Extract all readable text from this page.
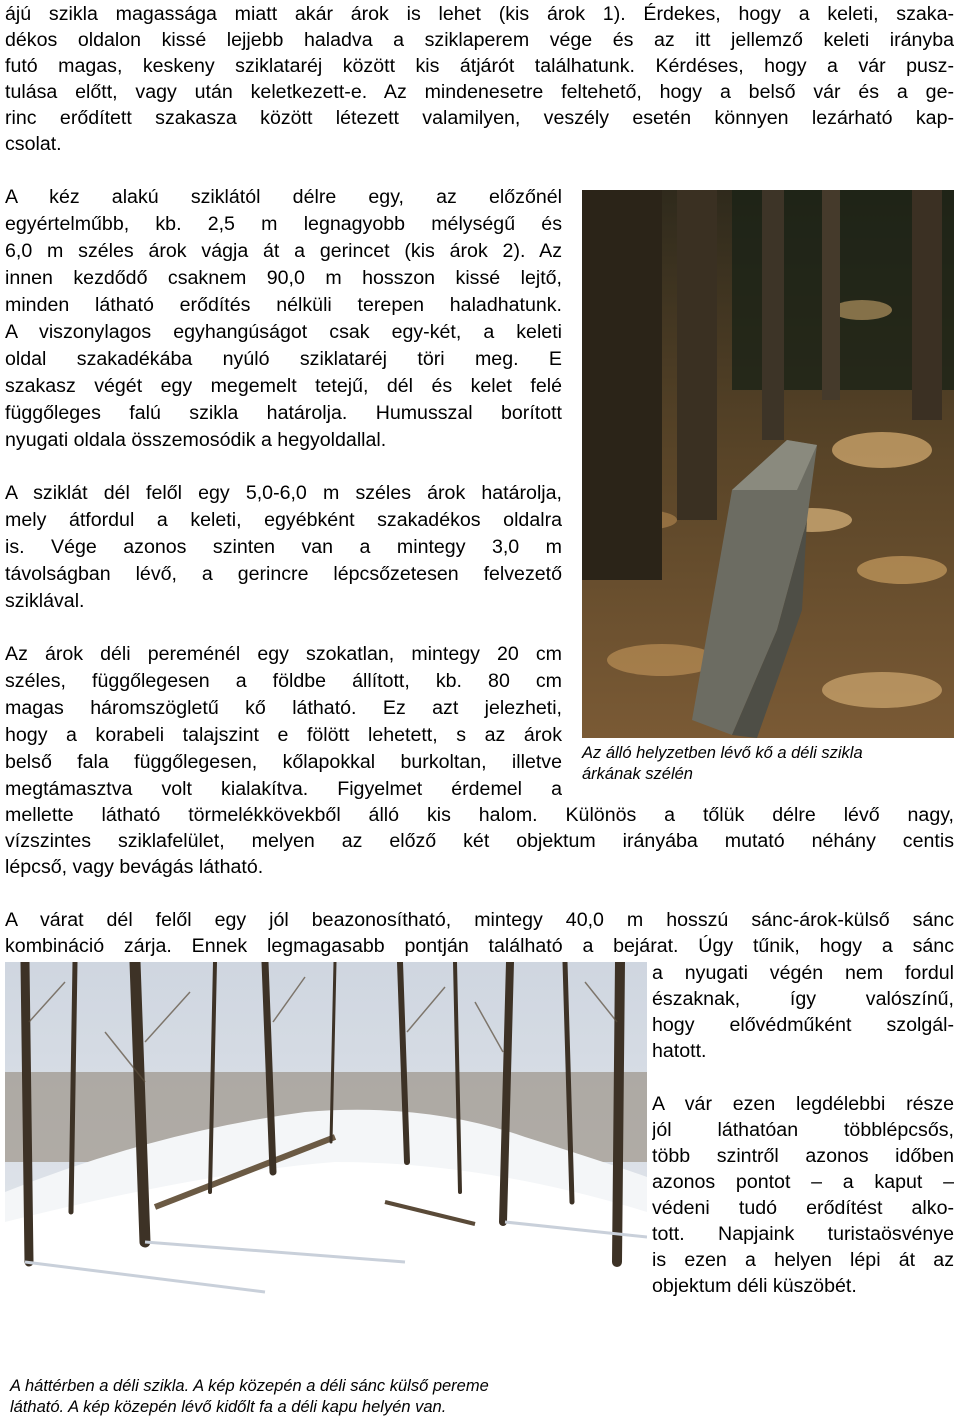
ájú szikla magassága miatt akár árok is lehet (kis árok 1). Érdekes, hogy a keleti, szaka-
dékos oldalon kissé lejjebb haladva a sziklaperem vége és az itt jellemző keleti irányba
futó magas, keskeny sziklataréj között kis átjárót találhatunk. Kérdéses, hogy a vár pusz-
tulása előtt, vagy után keletkezett-e. Az mindenesetre feltehető, hogy a belső vár és a ge-
rinc erődített szakasza között létezett valamilyen, veszély esetén könnyen lezárható kap-
csolat.
A kéz alakú sziklától délre egy, az előzőnél
egyértelműbb, kb. 2,5 m legnagyobb mélységű és
6,0 m széles árok vágja át a gerincet (kis árok 2). Az
innen kezdődő csaknem 90,0 m hosszon kissé lejtő,
minden látható erődítés nélküli terepen haladhatunk.
A viszonylagos egyhangúságot csak egy-két, a keleti
oldal szakadékába nyúló sziklataréj töri meg. E
szakasz végét egy megemelt tetejű, dél és kelet felé
függőleges falú szikla határolja. Humusszal borított
nyugati oldala összemosódik a hegyoldallal.
A sziklát dél felől egy 5,0-6,0 m széles árok határolja,
mely átfordul a keleti, egyébként szakadékos oldalra
is. Vége azonos szinten van a mintegy 3,0 m
távolságban lévő, a gerincre lépcsőzetesen felvezető
sziklával.
Az árok déli pereménél egy szokatlan, mintegy 20 cm
széles, függőlegesen a földbe állított, kb. 80 cm
magas háromszögletű kő látható. Ez azt jelezheti,
hogy a korabeli talajszint e fölött lehetett, s az árok
belső fala függőlegesen, kőlapokkal burkoltan, illetve
megtámasztva volt kialakítva. Figyelmet érdemel a
mellette látható törmelékkövekből álló kis halom. Különös a tőlük délre lévő nagy,
vízszintes sziklafelület, melyen az előző két objektum irányába mutató néhány centis
lépcső, vagy bevágás látható.
A várat dél felől egy jól beazonosítható, mintegy 40,0 m hosszú sánc-árok-külső sánc
kombináció zárja. Ennek legmagasabb pontján található a bejárat. Úgy tűnik, hogy a sánc
a nyugati végén nem fordul
északnak, így valószínű,
hogy elővédműként szolgál-
hatott.
A vár ezen legdélebbi része
jól láthatóan többlépcsős,
több szintről azonos időben
azonos pontot – a kaput –
védeni tudó erődítést alko-
tott. Napjaink turistaösvénye
is ezen a helyen lépi át az
objektum déli küszöbét.
Az álló helyzetben lévő kő a déli szikla
árkának szélén
A háttérben a déli szikla. A kép közepén a déli sánc külső pereme
látható. A kép közepén lévő kidőlt fa a déli kapu helyén van.
